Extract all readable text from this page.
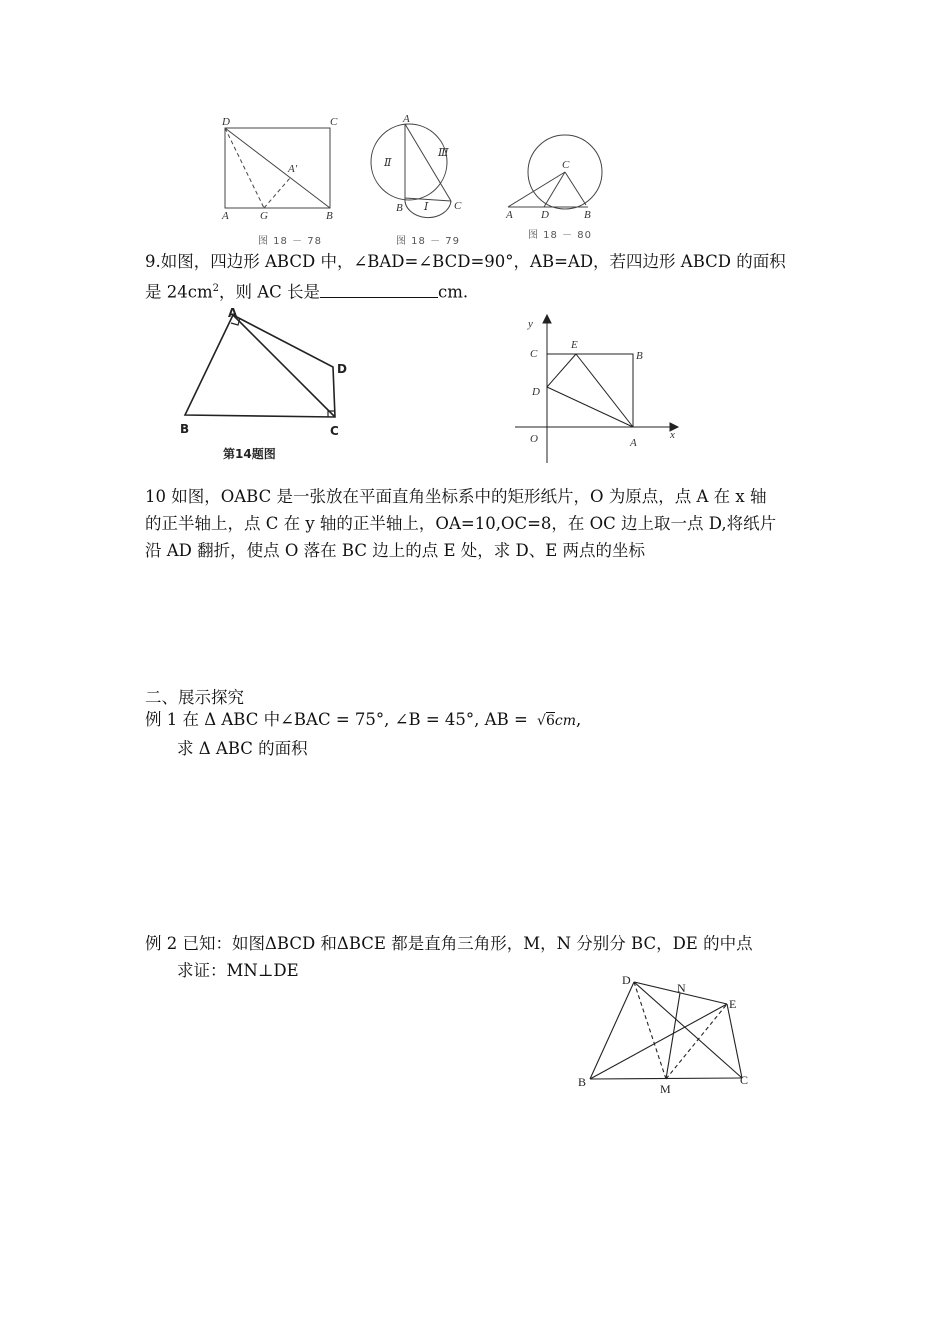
D	C
A	G	B
A′
图 18 － 78
A
B	C
Ⅱ
Ⅲ
Ⅰ
图 18 － 79
C
A	D	B
图 18 － 80
9.如图，四边形 ABCD 中，∠BAD=∠BCD=90°，AB=AD，若四边形 ABCD 的面积
是 $24cm^2$，则 AC 长是	cm.
A
B	C
D
第14题图
y
x
O	A
B
C
D
E
10 如图，OABC 是一张放在平面直角坐标系中的矩形纸片，O 为原点，点 A 在 x 轴
的正半轴上，点 C 在 y 轴的正半轴上，OA=10,OC=8，在 OC 边上取一点 D,将纸片
沿 AD 翻折，使点 O 落在 BC 边上的点 E 处，求 D、E 两点的坐标
二、展示探究
例 1 在 Δ ABC 中∠BAC = 75°, ∠B = 45°, AB = √6cm,
求 Δ ABC 的面积
例 2 已知：如图ΔBCD 和ΔBCE 都是直角三角形，M，N 分别分 BC，DE 的中点
求证：MN⊥DE	D
N
E
B	M
C
